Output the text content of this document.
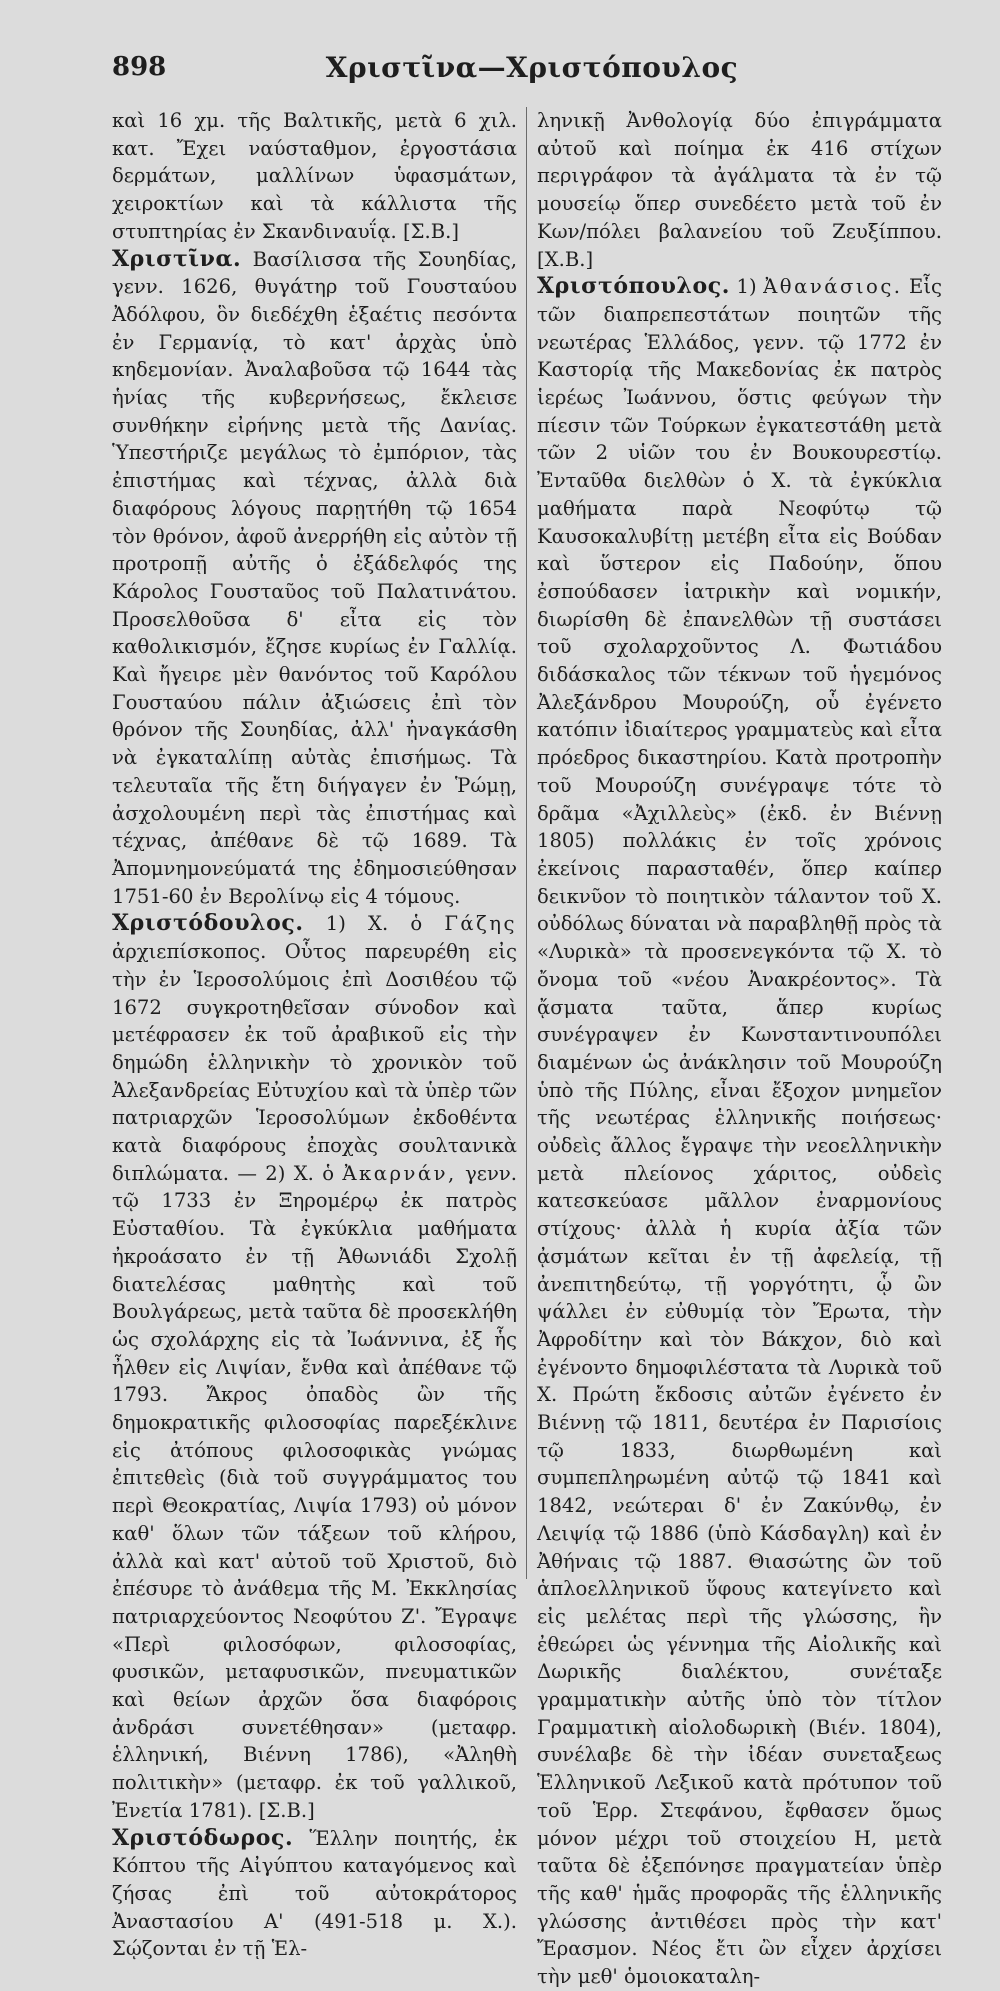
898	Χριστῖνα—Χριστόπουλος

καὶ 16 χμ. τῆς Βαλτικῆς, μετὰ 6 χιλ. κατ. Ἔχει ναύσταθμον, ἐργοστάσια δερμάτων, μαλλίνων ὑφασμάτων, χειροκτίων καὶ τὰ κάλλιστα τῆς στυπτηρίας ἐν Σκανδιναυΐᾳ. [Σ.Β.]

Χριστῖνα. Βασίλισσα τῆς Σουηδίας, γενν. 1626, θυγάτηρ τοῦ Γουσταύου Ἀδόλφου, ὃν διεδέχθη ἑξαέτις πεσόντα ἐν Γερμανίᾳ, τὸ κατ' ἀρχὰς ὑπὸ κηδεμονίαν. Ἀναλαβοῦσα τῷ 1644 τὰς ἡνίας τῆς κυβερνήσεως, ἔκλεισε συνθήκην εἰρήνης μετὰ τῆς Δανίας. Ὑπεστήριζε μεγάλως τὸ ἐμπόριον, τὰς ἐπιστήμας καὶ τέχνας, ἀλλὰ διὰ διαφόρους λόγους παρῃτήθη τῷ 1654 τὸν θρόνον, ἀφοῦ ἀνερρήθη εἰς αὐτὸν τῇ προτροπῇ αὐτῆς ὁ ἐξάδελφός της Κάρολος Γουσταῦος τοῦ Παλατινάτου. Προσελθοῦσα δ' εἶτα εἰς τὸν καθολικισμόν, ἔζησε κυρίως ἐν Γαλλίᾳ. Καὶ ἤγειρε μὲν θανόντος τοῦ Καρόλου Γουσταύου πάλιν ἀξιώσεις ἐπὶ τὸν θρόνον τῆς Σουηδίας, ἀλλ' ἠναγκάσθη νὰ ἐγκαταλίπῃ αὐτὰς ἐπισήμως. Τὰ τελευταῖα τῆς ἔτη διήγαγεν ἐν Ῥώμῃ, ἀσχολουμένη περὶ τὰς ἐπιστήμας καὶ τέχνας, ἀπέθανε δὲ τῷ 1689. Τὰ Ἀπομνημονεύματά της ἐδημοσιεύθησαν 1751-60 ἐν Βερολίνῳ εἰς 4 τόμους.

Χριστόδουλος. 1) Χ. ὁ Γάζης ἀρχιεπίσκοπος. Οὗτος παρευρέθη εἰς τὴν ἐν Ἱεροσολύμοις ἐπὶ Δοσιθέου τῷ 1672 συγκροτηθεῖσαν σύνοδον καὶ μετέφρασεν ἐκ τοῦ ἀραβικοῦ εἰς τὴν δημώδη ἑλληνικὴν τὸ χρονικὸν τοῦ Ἀλεξανδρείας Εὐτυχίου καὶ τὰ ὑπὲρ τῶν πατριαρχῶν Ἱεροσολύμων ἐκδοθέντα κατὰ διαφόρους ἐποχὰς σουλτανικὰ διπλώματα. — 2) Χ. ὁ Ἀκαρνάν, γενν. τῷ 1733 ἐν Ξηρομέρῳ ἐκ πατρὸς Εὐσταθίου. Τὰ ἐγκύκλια μαθήματα ἠκροάσατο ἐν τῇ Ἀθωνιάδι Σχολῇ διατελέσας μαθητὴς καὶ τοῦ Βουλγάρεως, μετὰ ταῦτα δὲ προσεκλήθη ὡς σχολάρχης εἰς τὰ Ἰωάννινα, ἐξ ἧς ἦλθεν εἰς Λιψίαν, ἔνθα καὶ ἀπέθανε τῷ 1793. Ἄκρος ὀπαδὸς ὢν τῆς δημοκρατικῆς φιλοσοφίας παρεξέκλινε εἰς ἀτόπους φιλοσοφικὰς γνώμας ἐπιτεθεὶς (διὰ τοῦ συγγράμματος του περὶ Θεοκρατίας, Λιψία 1793) οὐ μόνον καθ' ὅλων τῶν τάξεων τοῦ κλήρου, ἀλλὰ καὶ κατ' αὐτοῦ τοῦ Χριστοῦ, διὸ ἐπέσυρε τὸ ἀνάθεμα τῆς Μ. Ἐκκλησίας πατριαρχεύοντος Νεοφύτου Ζ'. Ἔγραψε «Περὶ φιλοσόφων, φιλοσοφίας, φυσικῶν, μεταφυσικῶν, πνευματικῶν καὶ θείων ἀρχῶν ὅσα διαφόροις ἀνδράσι συνετέθησαν» (μεταφρ. ἑλληνική, Βιέννη 1786), «Ἀληθὴ πολιτικὴν» (μεταφρ. ἐκ τοῦ γαλλικοῦ, Ἐνετία 1781). [Σ.Β.]

Χριστόδωρος. Ἕλλην ποιητής, ἐκ Κόπτου τῆς Αἰγύπτου καταγόμενος καὶ ζήσας ἐπὶ τοῦ αὐτοκράτορος Ἀναστασίου Α' (491-518 μ. Χ.). Σῴζονται ἐν τῇ Ἑλ-

ληνικῇ Ἀνθολογίᾳ δύο ἐπιγράμματα αὐτοῦ καὶ ποίημα ἐκ 416 στίχων περιγράφον τὰ ἀγάλματα τὰ ἐν τῷ μουσείῳ ὅπερ συνεδέετο μετὰ τοῦ ἐν Κων/πόλει βαλανείου τοῦ Ζευξίππου. [Χ.Β.]

Χριστόπουλος. 1) Ἀθανάσιος. Εἷς τῶν διαπρεπεστάτων ποιητῶν τῆς νεωτέρας Ἑλλάδος, γενν. τῷ 1772 ἐν Καστορίᾳ τῆς Μακεδονίας ἐκ πατρὸς ἱερέως Ἰωάννου, ὅστις φεύγων τὴν πίεσιν τῶν Τούρκων ἐγκατεστάθη μετὰ τῶν 2 υἱῶν του ἐν Βουκουρεστίῳ. Ἐνταῦθα διελθὼν ὁ Χ. τὰ ἐγκύκλια μαθήματα παρὰ Νεοφύτῳ τῷ Καυσοκαλυβίτῃ μετέβη εἶτα εἰς Βούδαν καὶ ὕστερον εἰς Παδούην, ὅπου ἐσπούδασεν ἰατρικὴν καὶ νομικήν, διωρίσθη δὲ ἐπανελθὼν τῇ συστάσει τοῦ σχολαρχοῦντος Λ. Φωτιάδου διδάσκαλος τῶν τέκνων τοῦ ἡγεμόνος Ἀλεξάνδρου Μουρούζη, οὗ ἐγένετο κατόπιν ἰδιαίτερος γραμματεὺς καὶ εἶτα πρόεδρος δικαστηρίου. Κατὰ προτροπὴν τοῦ Μουρούζη συνέγραψε τότε τὸ δρᾶμα «Ἀχιλλεὺς» (ἐκδ. ἐν Βιέννῃ 1805) πολλάκις ἐν τοῖς χρόνοις ἐκείνοις παρασταθέν, ὅπερ καίπερ δεικνῦον τὸ ποιητικὸν τάλαντον τοῦ Χ. οὐδόλως δύναται νὰ παραβληθῇ πρὸς τὰ «Λυρικὰ» τὰ προσενεγκόντα τῷ Χ. τὸ ὄνομα τοῦ «νέου Ἀνακρέοντος». Τὰ ᾄσματα ταῦτα, ἅπερ κυρίως συνέγραψεν ἐν Κωνσταντινουπόλει διαμένων ὡς ἀνάκλησιν τοῦ Μουρούζη ὑπὸ τῆς Πύλης, εἶναι ἔξοχον μνημεῖον τῆς νεωτέρας ἑλληνικῆς ποιήσεως· οὐδεὶς ἄλλος ἔγραψε τὴν νεοελληνικὴν μετὰ πλείονος χάριτος, οὐδεὶς κατεσκεύασε μᾶλλον ἐναρμονίους στίχους· ἀλλὰ ἡ κυρία ἀξία τῶν ᾀσμάτων κεῖται ἐν τῇ ἀφελείᾳ, τῇ ἀνεπιτηδεύτῳ, τῇ γοργότητι, ᾧ ὢν ψάλλει ἐν εὐθυμίᾳ τὸν Ἔρωτα, τὴν Ἀφροδίτην καὶ τὸν Βάκχον, διὸ καὶ ἐγένοντο δημοφιλέστατα τὰ Λυρικὰ τοῦ Χ. Πρώτη ἔκδοσις αὐτῶν ἐγένετο ἐν Βιέννῃ τῷ 1811, δευτέρα ἐν Παρισίοις τῷ 1833, διωρθωμένη καὶ συμπεπληρωμένη αὐτῷ τῷ 1841 καὶ 1842, νεώτεραι δ' ἐν Ζακύνθῳ, ἐν Λειψίᾳ τῷ 1886 (ὑπὸ Κάσδαγλη) καὶ ἐν Ἀθήναις τῷ 1887. Θιασώτης ὢν τοῦ ἁπλοελληνικοῦ ὕφους κατεγίνετο καὶ εἰς μελέτας περὶ τῆς γλώσσης, ἣν ἐθεώρει ὡς γέννημα τῆς Αἰολικῆς καὶ Δωρικῆς διαλέκτου, συνέταξε γραμματικὴν αὐτῆς ὑπὸ τὸν τίτλον Γραμματικὴ αἰολοδωρικὴ (Βιέν. 1804), συνέλαβε δὲ τὴν ἰδέαν συνεταξεως Ἑλληνικοῦ Λεξικοῦ κατὰ πρότυπον τοῦ τοῦ Ἑρρ. Στεφάνου, ἔφθασεν ὅμως μόνον μέχρι τοῦ στοιχείου Η, μετὰ ταῦτα δὲ ἐξεπόνησε πραγματείαν ὑπὲρ τῆς καθ' ἡμᾶς προφορᾶς τῆς ἑλληνικῆς γλώσσης ἀντιθέσει πρὸς τὴν κατ' Ἔρασμον. Νέος ἔτι ὢν εἶχεν ἀρχίσει τὴν μεθ' ὁμοιοκαταλη-
